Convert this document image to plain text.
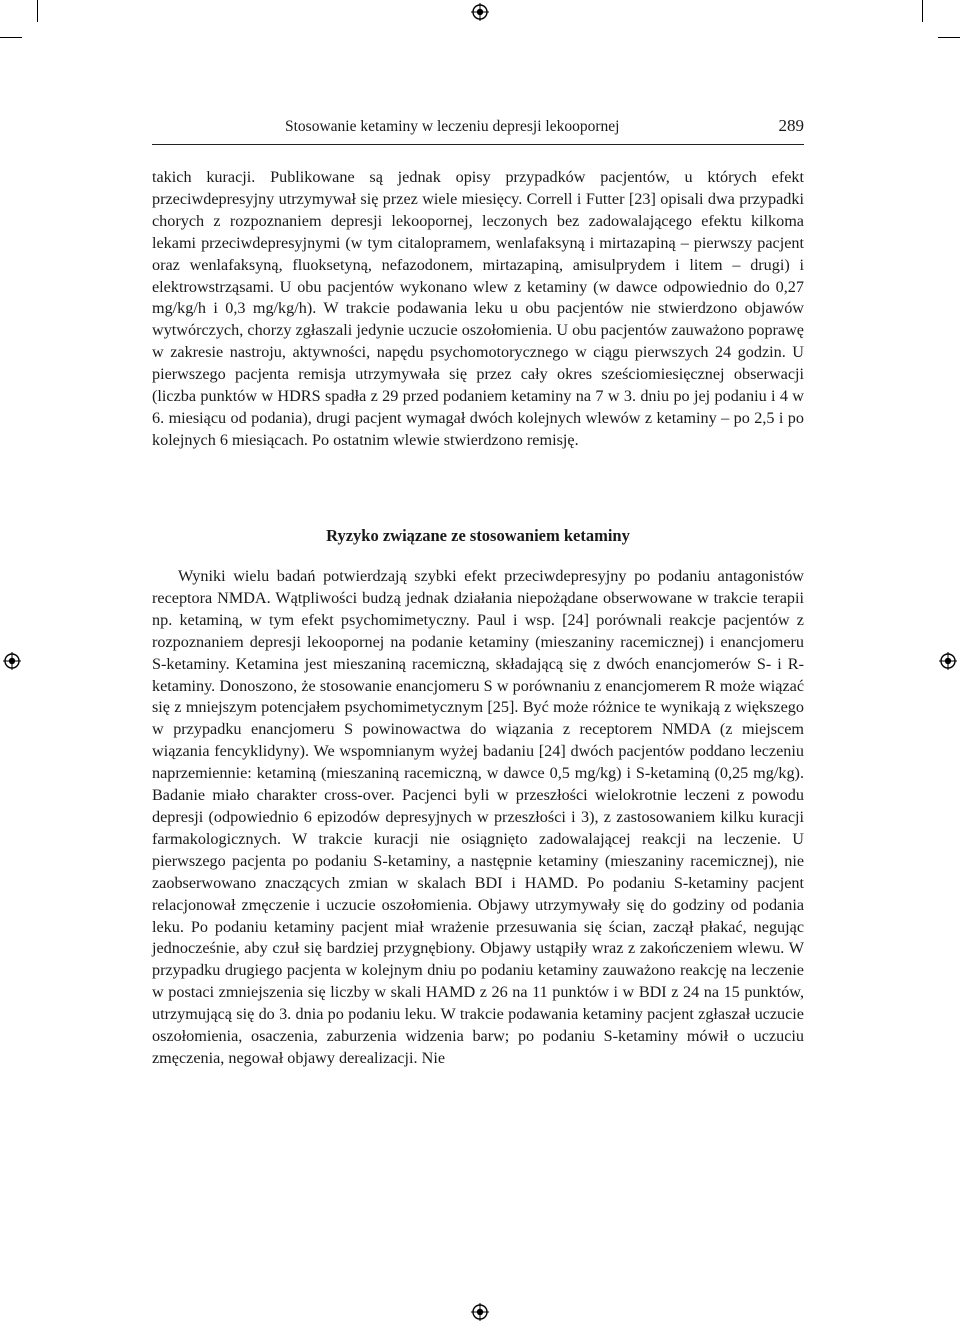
Stosowanie ketaminy w leczeniu depresji lekoopornej	289

takich kuracji. Publikowane są jednak opisy przypadków pacjentów, u których efekt przeciwdepresyjny utrzymywał się przez wiele miesięcy. Correll i Futter [23] opisali dwa przypadki chorych z rozpoznaniem depresji lekoopornej, leczonych bez zadowalającego efektu kilkoma lekami przeciwdepresyjnymi (w tym citalopramem, wenlafaksyną i mirtazapiną – pierwszy pacjent oraz wenlafaksyną, fluoksetyną, nefazodonem, mirtazapiną, amisulprydem i litem – drugi) i elektrowstrząsami. U obu pacjentów wykonano wlew z ketaminy (w dawce odpowiednio do 0,27 mg/kg/h i 0,3 mg/kg/h). W trakcie podawania leku u obu pacjentów nie stwierdzono objawów wytwórczych, chorzy zgłaszali jedynie uczucie oszołomienia. U obu pacjentów zauważono poprawę w zakresie nastroju, aktywności, napędu psychomotorycznego w ciągu pierwszych 24 godzin. U pierwszego pacjenta remisja utrzymywała się przez cały okres sześciomiesięcznej obserwacji (liczba punktów w HDRS spadła z 29 przed podaniem ketaminy na 7 w 3. dniu po jej podaniu i 4 w 6. miesiącu od podania), drugi pacjent wymagał dwóch kolejnych wlewów z ketaminy – po 2,5 i po kolejnych 6 miesiącach. Po ostatnim wlewie stwierdzono remisję.

Ryzyko związane ze stosowaniem ketaminy

Wyniki wielu badań potwierdzają szybki efekt przeciwdepresyjny po podaniu antagonistów receptora NMDA. Wątpliwości budzą jednak działania niepożądane obserwowane w trakcie terapii np. ketaminą, w tym efekt psychomimetyczny. Paul i wsp. [24] porównali reakcje pacjentów z rozpoznaniem depresji lekoopornej na podanie ketaminy (mieszaniny racemicznej) i enancjomeru S-ketaminy. Ketamina jest mieszaniną racemiczną, składającą się z dwóch enancjomerów S- i R-ketaminy. Donoszono, że stosowanie enancjomeru S w porównaniu z enancjomerem R może wiązać się z mniejszym potencjałem psychomimetycznym [25]. Być może różnice te wynikają z większego w przypadku enancjomeru S powinowactwa do wiązania z receptorem NMDA (z miejscem wiązania fencyklidyny). We wspomnianym wyżej badaniu [24] dwóch pacjentów poddano leczeniu naprzemiennie: ketaminą (mieszaniną racemiczną, w dawce 0,5 mg/kg) i S-ketaminą (0,25 mg/kg). Badanie miało charakter cross-over. Pacjenci byli w przeszłości wielokrotnie leczeni z powodu depresji (odpowiednio 6 epizodów depresyjnych w przeszłości i 3), z zastosowaniem kilku kuracji farmakologicznych. W trakcie kuracji nie osiągnięto zadowalającej reakcji na leczenie. U pierwszego pacjenta po podaniu S-ketaminy, a następnie ketaminy (mieszaniny racemicznej), nie zaobserwowano znaczących zmian w skalach BDI i HAMD. Po podaniu S-ketaminy pacjent relacjonował zmęczenie i uczucie oszołomienia. Objawy utrzymywały się do godziny od podania leku. Po podaniu ketaminy pacjent miał wrażenie przesuwania się ścian, zaczął płakać, negując jednocześnie, aby czuł się bardziej przygnębiony. Objawy ustąpiły wraz z zakończeniem wlewu. W przypadku drugiego pacjenta w kolejnym dniu po podaniu ketaminy zauważono reakcję na leczenie w postaci zmniejszenia się liczby w skali HAMD z 26 na 11 punktów i w BDI z 24 na 15 punktów, utrzymującą się do 3. dnia po podaniu leku. W trakcie podawania ketaminy pacjent zgłaszał uczucie oszołomienia, osaczenia, zaburzenia widzenia barw; po podaniu S-ketaminy mówił o uczuciu zmęczenia, negował objawy derealizacji. Nie
